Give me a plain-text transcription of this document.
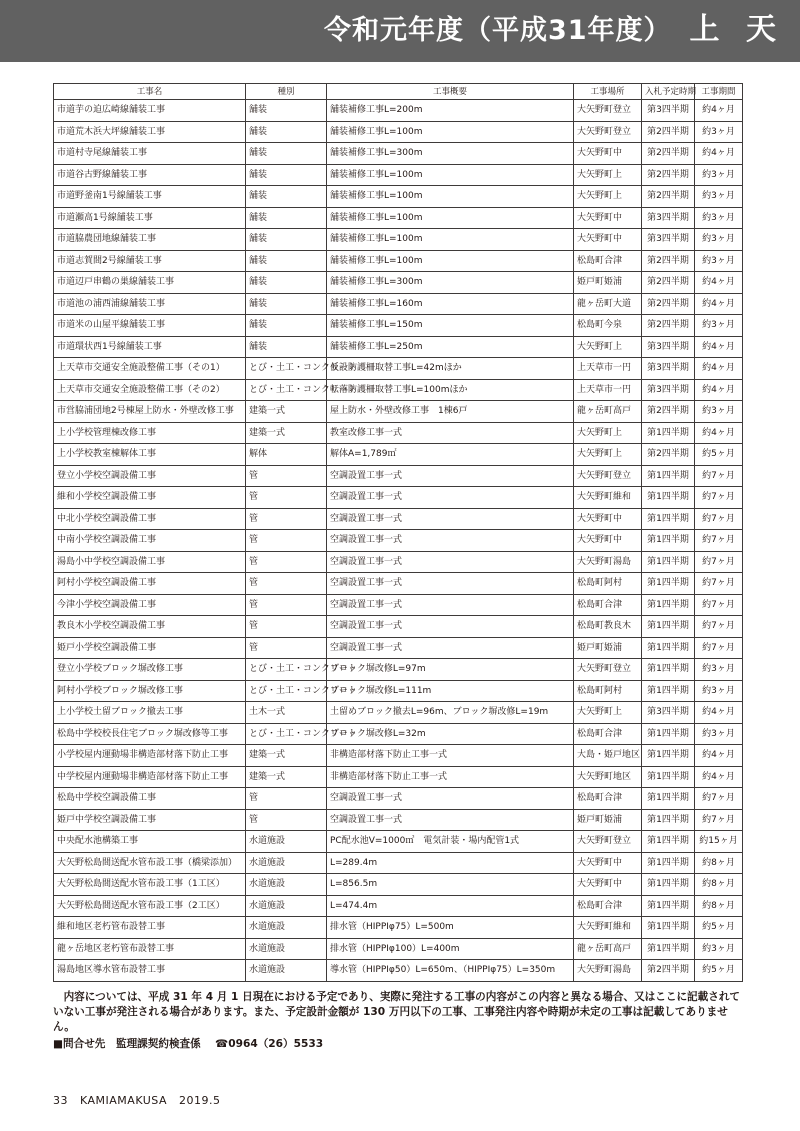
令和元年度（平成31年度） 上 天
工事名	種別	工事概要	工事場所	入札予定時期	工事期間
市道芋の迫広崎線舗装工事	舗装	舗装補修工事L=200m	大矢野町登立	第3四半期	約4ヶ月
市道荒木浜大坪線舗装工事	舗装	舗装補修工事L=100m	大矢野町登立	第2四半期	約3ヶ月
市道村寺尾線舗装工事	舗装	舗装補修工事L=300m	大矢野町中	第2四半期	約4ヶ月
市道谷古野線舗装工事	舗装	舗装補修工事L=100m	大矢野町上	第2四半期	約3ヶ月
市道野釜南1号線舗装工事	舗装	舗装補修工事L=100m	大矢野町上	第2四半期	約3ヶ月
市道瀬高1号線舗装工事	舗装	舗装補修工事L=100m	大矢野町中	第3四半期	約3ヶ月
市道脇農団地線舗装工事	舗装	舗装補修工事L=100m	大矢野町中	第3四半期	約3ヶ月
市道志賀間2号線舗装工事	舗装	舗装補修工事L=100m	松島町合津	第2四半期	約3ヶ月
市道辺戸串鶴の巣線舗装工事	舗装	舗装補修工事L=300m	姫戸町姫浦	第2四半期	約4ヶ月
市道池の浦西浦線舗装工事	舗装	舗装補修工事L=160m	龍ヶ岳町大道	第2四半期	約4ヶ月
市道米の山屋平線舗装工事	舗装	舗装補修工事L=150m	松島町今泉	第2四半期	約3ヶ月
市道環状西1号線舗装工事	舗装	舗装補修工事L=250m	大矢野町上	第3四半期	約4ヶ月
上天草市交通安全施設整備工事（その1）	とび・土工・コンクリート	仮設防護柵取替工事L=42mほか	上天草市一円	第3四半期	約4ヶ月
上天草市交通安全施設整備工事（その2）	とび・土工・コンクリート	転落防護柵取替工事L=100mほか	上天草市一円	第3四半期	約4ヶ月
市営脇浦団地2号棟屋上防水・外壁改修工事	建築一式	屋上防水・外壁改修工事　1棟6戸	龍ヶ岳町高戸	第2四半期	約3ヶ月
上小学校管理棟改修工事	建築一式	教室改修工事一式	大矢野町上	第1四半期	約4ヶ月
上小学校教室棟解体工事	解体	解体A=1,789㎡	大矢野町上	第2四半期	約5ヶ月
登立小学校空調設備工事	管	空調設置工事一式	大矢野町登立	第1四半期	約7ヶ月
維和小学校空調設備工事	管	空調設置工事一式	大矢野町維和	第1四半期	約7ヶ月
中北小学校空調設備工事	管	空調設置工事一式	大矢野町中	第1四半期	約7ヶ月
中南小学校空調設備工事	管	空調設置工事一式	大矢野町中	第1四半期	約7ヶ月
湯島小中学校空調設備工事	管	空調設置工事一式	大矢野町湯島	第1四半期	約7ヶ月
阿村小学校空調設備工事	管	空調設置工事一式	松島町阿村	第1四半期	約7ヶ月
今津小学校空調設備工事	管	空調設置工事一式	松島町合津	第1四半期	約7ヶ月
教良木小学校空調設備工事	管	空調設置工事一式	松島町教良木	第1四半期	約7ヶ月
姫戸小学校空調設備工事	管	空調設置工事一式	姫戸町姫浦	第1四半期	約7ヶ月
登立小学校ブロック塀改修工事	とび・土工・コンクリート	ブロック塀改修L=97m	大矢野町登立	第1四半期	約3ヶ月
阿村小学校ブロック塀改修工事	とび・土工・コンクリート	ブロック塀改修L=111m	松島町阿村	第1四半期	約3ヶ月
上小学校土留ブロック撤去工事	土木一式	土留めブロック撤去L=96m、ブロック塀改修L=19m	大矢野町上	第3四半期	約4ヶ月
松島中学校校長住宅ブロック塀改修等工事	とび・土工・コンクリート	ブロック塀改修L=32m	松島町合津	第1四半期	約3ヶ月
小学校屋内運動場非構造部材落下防止工事	建築一式	非構造部材落下防止工事一式	大島・姫戸地区	第1四半期	約4ヶ月
中学校屋内運動場非構造部材落下防止工事	建築一式	非構造部材落下防止工事一式	大矢野町地区	第1四半期	約4ヶ月
松島中学校空調設備工事	管	空調設置工事一式	松島町合津	第1四半期	約7ヶ月
姫戸中学校空調設備工事	管	空調設置工事一式	姫戸町姫浦	第1四半期	約7ヶ月
中央配水池構築工事	水道施設	PC配水池V=1000㎥　電気計装・場内配管1式	大矢野町登立	第1四半期	約15ヶ月
大矢野松島間送配水管布設工事（橋梁添加）	水道施設	L=289.4m	大矢野町中	第1四半期	約8ヶ月
大矢野松島間送配水管布設工事（1工区）	水道施設	L=856.5m	大矢野町中	第1四半期	約8ヶ月
大矢野松島間送配水管布設工事（2工区）	水道施設	L=474.4m	松島町合津	第1四半期	約8ヶ月
維和地区老朽管布設替工事	水道施設	排水管（HIPPIφ75）L=500m	大矢野町維和	第1四半期	約5ヶ月
龍ヶ岳地区老朽管布設替工事	水道施設	排水管（HIPPIφ100）L=400m	龍ヶ岳町高戸	第1四半期	約3ヶ月
湯島地区導水管布設替工事	水道施設	導水管（HIPPIφ50）L=650m、（HIPPIφ75）L=350m	大矢野町湯島	第2四半期	約5ヶ月

内容については、平成 31 年 4 月 1 日現在における予定であり、実際に発注する工事の内容がこの内容と異なる場合、又はここに記載されていない工事が発注される場合があります。また、予定設計金額が 130 万円以下の工事、工事発注内容や時期が未定の工事は記載してありません。

■問合せ先　監理課契約検査係　 ☎0964（26）5533
33 KAMIAMAKUSA 2019.5
